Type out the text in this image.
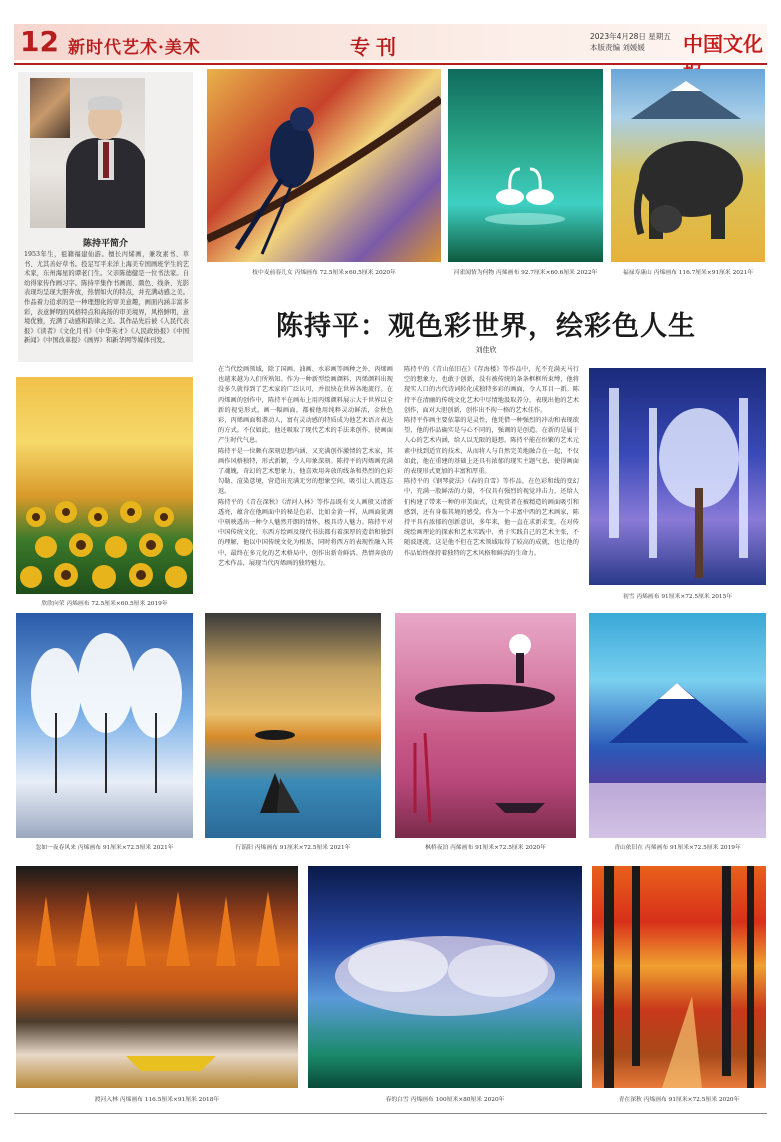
12 新时代艺术·美术	专刊	2023年4月28日 星期五
本版责编 刘媛媛	中国文化
陈持平简介
1953年生，祖籍福建仙游。擅长丙烯画，兼攻素书、草书、尤其善好草书。投足写平来洋上海美专国画班学生的艺术家，东州海星的谭老门生。父亲陈德健是一位书法家。自幼得家传作画习字。陈持平集作书画面、颜色、线条、光影表现均呈现大胆奔放，热情如火的特点，并充满动感之美。作品着力追求的是一种理想化的审美意趣，画面内涵丰富多彩，表意鲜明的风格特点和高扬的审美境界，风格鲜明，意境优雅，充满了动感和韵律之美。其作品先后被《人民代表报》《读者》《文化月刊》《中华英才》《人民政协报》《中国新闻》《中国改革报》《画界》和新华网等媒体刊发。
枝中麦前春儿女 丙烯画布 72.5厘米×60.5厘米 2020年	河雀闻情为何物 丙烯画布 92.7厘米×60.6厘米 2022年	福禄寿康山 丙烯画布 116.7厘米×91厘米 2021年
陈持平：观色彩世界，绘彩色人生
刘佳欣
欣欣向荣 丙烯画布 72.5厘米×60.5厘米 2019年
在当代绘画领域，除了国画、油画、水彩画等画种之外，丙烯画也越来越为人们所熟知。作为一种新型绘画颜料，丙烯颜料出现没多久就得到了艺术家的广泛认可，并很快在世界各地流行。在丙烯画的创作中，陈持平在画布上用丙烯颜料展示大千世界以全新的视觉形式。画一幅画面，都被他用纯粹灵动鲜活，金秋色彩，丙烯画面和谐动人，富有灵动感的特质成为他艺术语言表达的方式。不仅如此，他还吸取了现代艺术的手法来创作，使画面产生时代气息。
陈持平是一位颇有深刻思想内涵、又充满创作激情的艺术家，其画作风格独特，形式新颖，令人印象深刻。陈持平的丙烯画充满了魂魄，奇幻的艺术想象力，他喜欢用奔放的线条和热烈的色彩勾勒、渲染意境，营造出充满无穷的想象空间，吸引让人流连忘返。
陈持平的《青在深秋》《清河人林》等作品既有文人画般又清新透亮，蕴含在他画面中的秘是色彩，比如金黄一样，从画面犹调中刻映透出一种令人魅然开朗的情怀，极具诗人魅力。陈持平对中国传统文化、东西方绘画及现代书法都有着深厚的造诣和独到的理解，他以中国传统文化为根基，同时将西方的表现性融入其中，最终在多元化的艺术格局中，创作出新奇鲜活、热情奔放的艺术作品，展现当代丙烯画的独特魅力。
陈持平的《青山依旧在》《存海楼》等作品中，光不充满天马行空的想象力，也敢于创新，没有被传统的条条框框所束缚，他将现实人口的古代诗词转化成独特多彩的画面，令人耳目一新。陈持平在清幽的传统文化艺术中尽情地汲取养分，表现出他的艺术创作，面对大胆创新，创作出不拘一格的艺术佳作。
陈持平作画主要依靠的是灵性，他凭借一种强烈的冲动和表现欲望，他的作品确实是与心不同的，强调的是创造。在新的是属于人心的艺术内涵，给人以无限的遐想。陈持平能在纷繁的艺术元素中找到适宜的技术，从而将人与自然完美地融合在一起，不仅如此，他在重建的基础上还具有浓郁的现实主题气息，使得画面的表现形式更加的丰富和厚重。
陈持平的《钢琴旋法》《春的自雪》等作品，在色彩和线的变幻中，充满一股鲜活的力量，不仅具有强烈的视觉冲击力，还给人们构建了带来一种的审美面式，让观赏者在被精造的画面吸引和感到，还有身临其境的感受。作为一个丰富中西的艺术画家，陈持平具有浓郁的创新意识，多年来，他一直在求新求变，在对传统绘画理论的探索和艺术实践中，勇于实践自己的艺术主张，不随波逐流，这是他不但在艺术领域取得了较高的成就，也让他的作品始终保持着独特的艺术风格和鲜活的生命力。
初雪 丙烯画布 91厘米×72.5厘米 2015年
忽如一夜春风来 丙烯画布 91厘米×72.5厘米 2021年	行谣阳 丙烯画布 91厘米×72.5厘米 2021年	枫桥夜泊 丙烯画布 91厘米×72.5厘米 2020年	青山依旧在 丙烯画布 91厘米×72.5厘米 2019年
渡河入林 丙烯画布 116.5厘米×91厘米 2018年	春的白雪 丙烯画布 100厘米×80厘米 2020年	青在深秋 丙烯画布 91厘米×72.5厘米 2020年
